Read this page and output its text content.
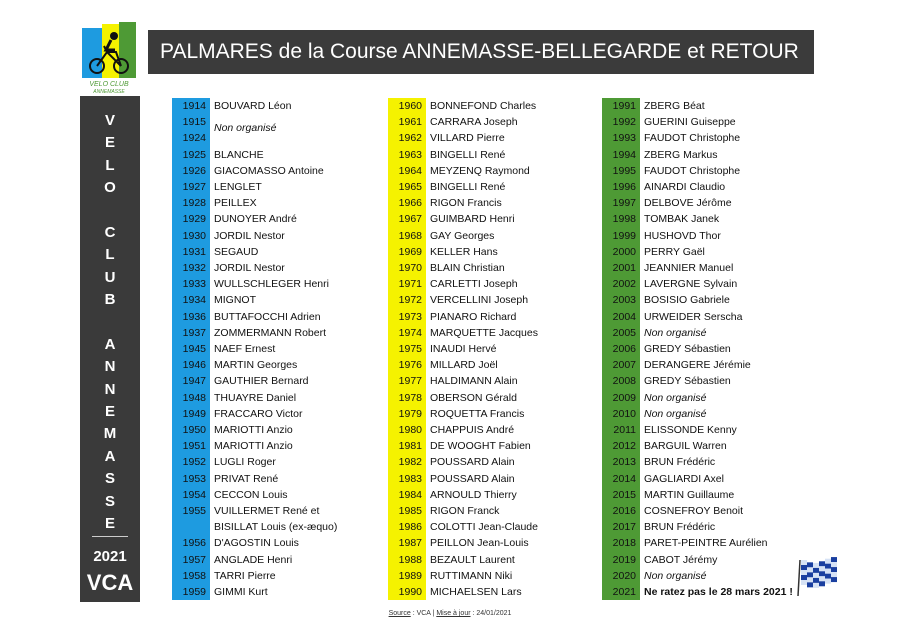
VELO CLUB
ANNEMASSE
PALMARES de la Course ANNEMASSE-BELLEGARDE et RETOUR
V
E
L
O
C
L
U
B
A
N
N
E
M
A
S
S
E
2021
VCA
1914 BOUVARD Léon
1915
1924
1925 BLANCHE
1926 GIACOMASSO Antoine
1927 LENGLET
1928 PEILLEX
1929 DUNOYER André
1930 JORDIL Nestor
1931 SEGAUD
1932 JORDIL Nestor
1933 WULLSCHLEGER Henri
1934 MIGNOT
1936 BUTTAFOCCHI Adrien
1937 ZOMMERMANN Robert
1945 NAEF Ernest
1946 MARTIN Georges
1947 GAUTHIER Bernard
1948 THUAYRE Daniel
1949 FRACCARO Victor
1950 MARIOTTI Anzio
1951 MARIOTTI Anzio
1952 LUGLI Roger
1953 PRIVAT René
1954 CECCON Louis
1955 VUILLERMET René et
BISILLAT Louis (ex-æquo)
1956 D'AGOSTIN Louis
1957 ANGLADE Henri
1958 TARRI Pierre
1959 GIMMI Kurt
1960 BONNEFOND Charles
1961 CARRARA Joseph
1962 VILLARD Pierre
1963 BINGELLI René
1964 MEYZENQ Raymond
1965 BINGELLI René
1966 RIGON Francis
1967 GUIMBARD Henri
1968 GAY Georges
1969 KELLER Hans
1970 BLAIN Christian
1971 CARLETTI Joseph
1972 VERCELLINI Joseph
1973 PIANARO Richard
1974 MARQUETTE Jacques
1975 INAUDI Hervé
1976 MILLARD Joël
1977 HALDIMANN Alain
1978 OBERSON Gérald
1979 ROQUETTA Francis
1980 CHAPPUIS André
1981 DE WOOGHT Fabien
1982 POUSSARD Alain
1983 POUSSARD Alain
1984 ARNOULD Thierry
1985 RIGON Franck
1986 COLOTTI Jean-Claude
1987 PEILLON Jean-Louis
1988 BEZAULT Laurent
1989 RUTTIMANN Niki
1990 MICHAELSEN Lars
1991 ZBERG Béat
1992 GUERINI Guiseppe
1993 FAUDOT Christophe
1994 ZBERG Markus
1995 FAUDOT Christophe
1996 AINARDI Claudio
1997 DELBOVE Jérôme
1998 TOMBAK Janek
1999 HUSHOVD Thor
2000 PERRY Gaël
2001 JEANNIER Manuel
2002 LAVERGNE Sylvain
2003 BOSISIO Gabriele
2004 URWEIDER Serscha
2005 Non organisé
2006 GREDY Sébastien
2007 DERANGERE Jérémie
2008 GREDY Sébastien
2009 Non organisé
2010 Non organisé
2011 ELISSONDE Kenny
2012 BARGUIL Warren
2013 BRUN Frédéric
2014 GAGLIARDI Axel
2015 MARTIN Guillaume
2016 COSNEFROY Benoit
2017 BRUN Frédéric
2018 PARET-PEINTRE Aurélien
2019 CABOT Jérémy
2020 Non organisé
2021 Ne ratez pas le 28 mars 2021 !
Non organisé
Source : VCA | Mise à jour : 24/01/2021
